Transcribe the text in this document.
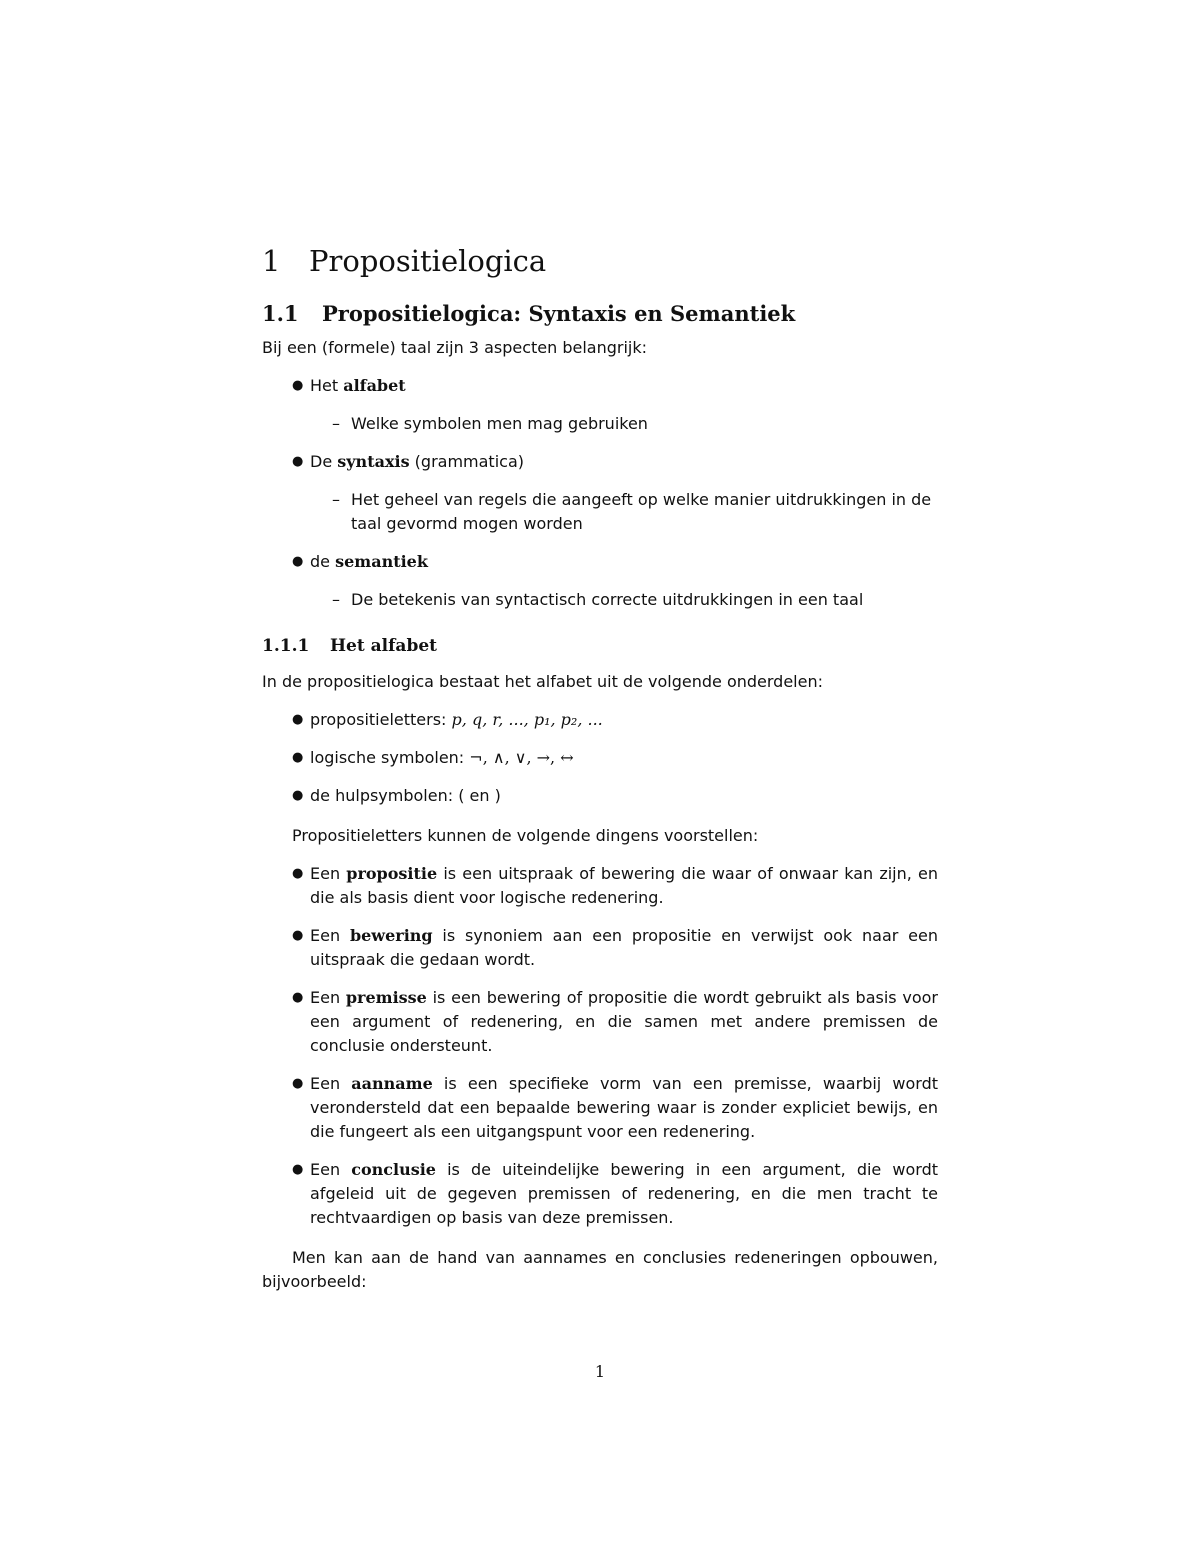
1 Propositielogica
1.1 Propositielogica: Syntaxis en Semantiek

Bij een (formele) taal zijn 3 aspecten belangrijk:

● Het alfabet
– Welke symbolen men mag gebruiken
● De syntaxis (grammatica)
– Het geheel van regels die aangeeft op welke manier uitdrukkingen in de taal gevormd mogen worden
● de semantiek
– De betekenis van syntactisch correcte uitdrukkingen in een taal
1.1.1 Het alfabet

In de propositielogica bestaat het alfabet uit de volgende onderdelen:

● propositieletters: p, q, r, ..., p₁, p₂, ...
● logische symbolen: ¬, ∧, ∨, →, ↔
● de hulpsymbolen: ( en )

Propositieletters kunnen de volgende dingens voorstellen:

● Een propositie is een uitspraak of bewering die waar of onwaar kan zijn, en die als basis dient voor logische redenering.
● Een bewering is synoniem aan een propositie en verwijst ook naar een uitspraak die gedaan wordt.
● Een premisse is een bewering of propositie die wordt gebruikt als basis voor een argument of redenering, en die samen met andere premissen de conclusie ondersteunt.
● Een aanname is een specifieke vorm van een premisse, waarbij wordt verondersteld dat een bepaalde bewering waar is zonder expliciet bewijs, en die fungeert als een uitgangspunt voor een redenering.
● Een conclusie is de uiteindelijke bewering in een argument, die wordt afgeleid uit de gegeven premissen of redenering, en die men tracht te rechtvaardigen op basis van deze premissen.

Men kan aan de hand van aannames en conclusies redeneringen opbouwen, bijvoorbeeld:

1
